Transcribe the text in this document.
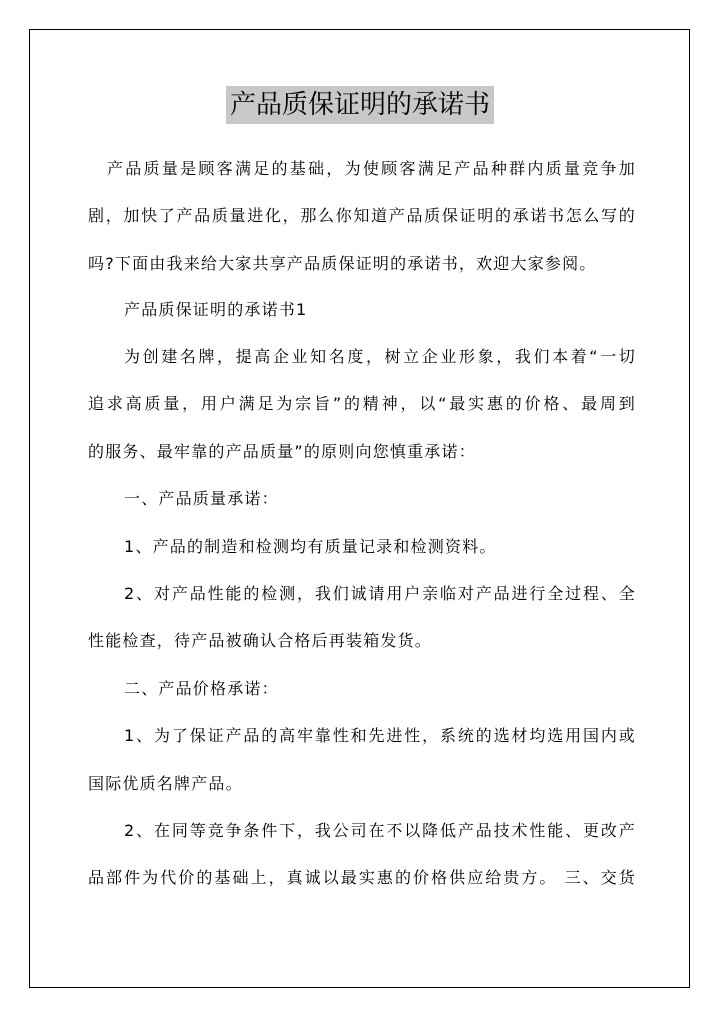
产品质保证明的承诺书
产品质量是顾客满足的基础，为使顾客满足产品种群内质量竞争加
剧，加快了产品质量进化，那么你知道产品质保证明的承诺书怎么写的
吗?下面由我来给大家共享产品质保证明的承诺书，欢迎大家参阅。
产品质保证明的承诺书1
为创建名牌，提高企业知名度，树立企业形象，我们本着“一切
追求高质量，用户满足为宗旨”的精神，以“最实惠的价格、最周到
的服务、最牢靠的产品质量”的原则向您慎重承诺：
一、产品质量承诺：
1、产品的制造和检测均有质量记录和检测资料。
2、对产品性能的检测，我们诚请用户亲临对产品进行全过程、全
性能检查，待产品被确认合格后再装箱发货。
二、产品价格承诺：
1、为了保证产品的高牢靠性和先进性，系统的选材均选用国内或
国际优质名牌产品。
2、在同等竞争条件下，我公司在不以降低产品技术性能、更改产
品部件为代价的基础上，真诚以最实惠的价格供应给贵方。 三、交货
